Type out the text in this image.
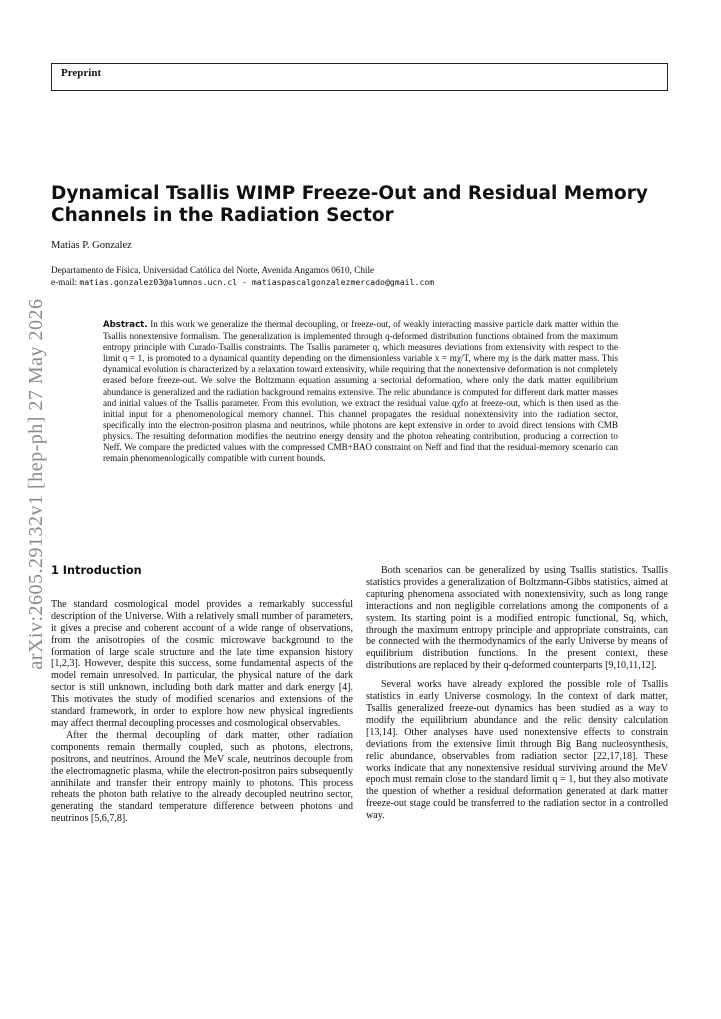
Preprint
arXiv:2605.29132v1 [hep-ph] 27 May 2026
Dynamical Tsallis WIMP Freeze-Out and Residual Memory Channels in the Radiation Sector
Matias P. Gonzalez
Departamento de Física, Universidad Católica del Norte, Avenida Angamos 0610, Chile
e-mail: matias.gonzalez03@alumnos.ucn.cl - matiaspascalgonzalezmercado@gmail.com
Abstract. In this work we generalize the thermal decoupling, or freeze-out, of weakly interacting massive particle dark matter within the Tsallis nonextensive formalism. The generalization is implemented through q-deformed distribution functions obtained from the maximum entropy principle with Curado-Tsallis constraints. The Tsallis parameter q, which measures deviations from extensivity with respect to the limit q = 1, is promoted to a dynamical quantity depending on the dimensionless variable x = mχ/T, where mχ is the dark matter mass. This dynamical evolution is characterized by a relaxation toward extensivity, while requiring that the nonextensive deformation is not completely erased before freeze-out. We solve the Boltzmann equation assuming a sectorial deformation, where only the dark matter equilibrium abundance is generalized and the radiation background remains extensive. The relic abundance is computed for different dark matter masses and initial values of the Tsallis parameter. From this evolution, we extract the residual value qχfo at freeze-out, which is then used as the initial input for a phenomenological memory channel. This channel propagates the residual nonextensivity into the radiation sector, specifically into the electron-positron plasma and neutrinos, while photons are kept extensive in order to avoid direct tensions with CMB physics. The resulting deformation modifies the neutrino energy density and the photon reheating contribution, producing a correction to Neff. We compare the predicted values with the compressed CMB+BAO constraint on Neff and find that the residual-memory scenario can remain phenomenologically compatible with current bounds.
1 Introduction

The standard cosmological model provides a remarkably successful description of the Universe. With a relatively small number of parameters, it gives a precise and coherent account of a wide range of observations, from the anisotropies of the cosmic microwave background to the formation of large scale structure and the late time expansion history [1,2,3]. However, despite this success, some fundamental aspects of the model remain unresolved. In particular, the physical nature of the dark sector is still unknown, including both dark matter and dark energy [4]. This motivates the study of modified scenarios and extensions of the standard framework, in order to explore how new physical ingredients may affect thermal decoupling processes and cosmological observables.

After the thermal decoupling of dark matter, other radiation components remain thermally coupled, such as photons, electrons, positrons, and neutrinos. Around the MeV scale, neutrinos decouple from the electromagnetic plasma, while the electron-positron pairs subsequently annihilate and transfer their entropy mainly to photons. This process reheats the photon bath relative to the already decoupled neutrino sector, generating the standard temperature difference between photons and neutrinos [5,6,7,8].

Both scenarios can be generalized by using Tsallis statistics. Tsallis statistics provides a generalization of Boltzmann-Gibbs statistics, aimed at capturing phenomena associated with nonextensivity, such as long range interactions and non negligible correlations among the components of a system. Its starting point is a modified entropic functional, Sq, which, through the maximum entropy principle and appropriate constraints, can be connected with the thermodynamics of the early Universe by means of equilibrium distribution functions. In the present context, these distributions are replaced by their q-deformed counterparts [9,10,11,12].

Several works have already explored the possible role of Tsallis statistics in early Universe cosmology. In the context of dark matter, Tsallis generalized freeze-out dynamics has been studied as a way to modify the equilibrium abundance and the relic density calculation [13,14]. Other analyses have used nonextensive effects to constrain deviations from the extensive limit through Big Bang nucleosynthesis, relic abundance, observables from radiation sector [22,17,18]. These works indicate that any nonextensive residual surviving around the MeV epoch must remain close to the standard limit q = 1, but they also motivate the question of whether a residual deformation generated at dark matter freeze-out stage could be transferred to the radiation sector in a controlled way.
